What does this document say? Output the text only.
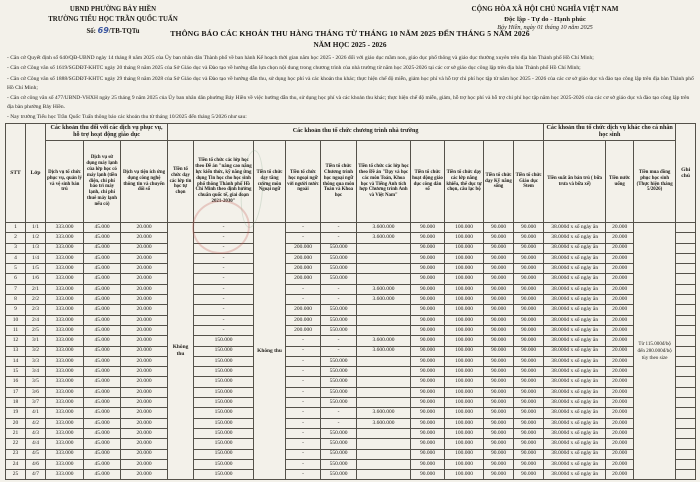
UBND PHƯỜNG BẢY HIỀN
TRƯỜNG TIỂU HỌC TRẦN QUỐC TUẤN
Số: 69/TB-TQTu
CỘNG HÒA XÃ HỘI CHỦ NGHĨA VIỆT NAM
Độc lập - Tự do - Hạnh phúc
Bảy Hiền, ngày 01 tháng 10 năm 2025
THÔNG BÁO CÁC KHOẢN THU HÀNG THÁNG TỪ THÁNG 10 NĂM 2025 ĐẾN THÁNG 5 NĂM 2026
NĂM HỌC 2025 - 2026

- Căn cứ Quyết định số 640/QĐ-UBND ngày 14 tháng 8 năm 2025 của Ủy ban nhân dân Thành phố về ban hành Kế hoạch thời gian năm học 2025 - 2026 đối với giáo dục mầm non, giáo dục phổ thông và giáo dục thường xuyên trên địa bàn Thành phố Hồ Chí Minh;

- Căn cứ Công văn số 1619/SGDĐT-KHTC ngày 20 tháng 8 năm 2025 của Sở Giáo dục và Đào tạo về hướng dẫn lựa chọn nội dung trong chương trình của nhà trường từ năm học 2025-2026 tại các cơ sở giáo dục công lập trên địa bàn Thành phố Hồ Chí Minh;

- Căn cứ Công văn số 1888/SGDĐT-KHTC ngày 29 tháng 8 năm 2028 của Sở Giáo dục và Đào tạo về hướng dẫn thu, sử dụng học phí và các khoản thu khác; thực hiện chế độ miễn, giảm học phí và hỗ trợ chi phí học tập từ năm học 2025 - 2026 của các cơ sở giáo dục và đào tạo công lập trên địa bàn Thành phố Hồ Chí Minh;

- Căn cứ công văn số 477/UBND-VHXH ngày 25 tháng 9 năm 2025 của Ủy ban nhân dân phường Bảy Hiền về việc hướng dẫn thu, sử dụng học phí và các khoản thu khác; thực hiện chế độ miễn, giảm, hỗ trợ học phí và hỗ trợ chi phí học tập năm học 2025-2026 của các cơ sở giáo dục và đào tạo công lập trên địa bàn phường Bảy Hiền.

- Nay trường Tiểu học Trần Quốc Tuấn thông báo các khoản thu từ tháng 10/2025 đến tháng 5/2026 như sau:

STT	Lớp	Các khoản thu đối với các dịch vụ phục vụ, hỗ trợ hoạt động giáo dục			Các khoản thu tổ chức chương trình nhà trường										Các khoản thu tổ chức dịch vụ khác cho cá nhân học sinh			Ghi chú
		Dịch vụ tổ chức phục vụ, quản lý và vệ sinh bán trú	Dịch vụ sử dụng máy lạnh của lớp học có máy lạnh (tiền điện, chi phí bảo trì máy lạnh, chi phí thuê máy lạnh nếu có)	Dịch vụ tiện ích ứng dụng công nghệ thông tin và chuyển đổi số	Tiền tổ chức dạy các lớp tin học tự chọn	Tiền tổ chức các lớp học theo Đề án "nâng cao năng lực kiến thức, kỹ năng ứng dụng Tin học cho học sinh phổ thông Thành phố Hồ Chí Minh theo định hướng chuẩn quốc tế, giai đoạn 2021-2030"	Tiền tổ chức dạy tăng cường môn Ngoại ngữ	Tiền tổ chức học ngoại ngữ với người nước ngoài	Tiền tổ chức Chương trình học ngoại ngữ thông qua môn Toán và Khoa học	Tiền tổ chức các lớp học theo Đề án "Dạy và học các môn Toán, Khoa học và Tiếng Anh tích hợp Chương trình Anh và Việt Nam"	Tiền tổ chức hoạt động giáo dục công dân số	Tiền tổ chức dạy các lớp năng khiếu, thể dục tự chọn, câu lạc bộ	Tiền tổ chức dạy Kỹ năng sống	Tiền tổ chức Giáo dục Stem	Tiền suất ăn bán trú ( bữa trưa và bữa xế)	Tiền nước uống	Tiền mua đồng phục học sinh (Thực hiện tháng 5/2026)	
1	1/1	333.000	45.000	20.000	Không thu	-	Không thu	-	-	3.600.000	90.000	100.000	90.000	90.000	38.000đ x số ngày ăn	20.000	Từ 115.000đ/bộ đến 280.000đ/bộ tùy theo size	
2	1/2	333.000	45.000	20.000		-		-	-	3.600.000	90.000	100.000	90.000	90.000	38.000đ x số ngày ăn	20.000		
3	1/3	333.000	45.000	20.000		-		200.000	550.000		90.000	100.000	90.000	90.000	38.000đ x số ngày ăn	20.000		
4	1/4	333.000	45.000	20.000		-		200.000	550.000		90.000	100.000	90.000	90.000	38.000đ x số ngày ăn	20.000		
5	1/5	333.000	45.000	20.000		-		200.000	550.000		90.000	100.000	90.000	90.000	38.000đ x số ngày ăn	20.000		
6	1/6	333.000	45.000	20.000		-		200.000	550.000		90.000	100.000	90.000	90.000	38.000đ x số ngày ăn	20.000		
7	2/1	333.000	45.000	20.000		-		-	-	3.600.000	90.000	100.000	90.000	90.000	38.000đ x số ngày ăn	20.000		
8	2/2	333.000	45.000	20.000		-		-	-	3.600.000	90.000	100.000	90.000	90.000	38.000đ x số ngày ăn	20.000		
9	2/3	333.000	45.000	20.000		-		200.000	550.000		90.000	100.000	90.000	90.000	38.000đ x số ngày ăn	20.000		
10	2/4	333.000	45.000	20.000		-		200.000	550.000		90.000	100.000	90.000	90.000	38.000đ x số ngày ăn	20.000		
11	2/5	333.000	45.000	20.000		-		200.000	550.000		90.000	100.000	90.000	90.000	38.000đ x số ngày ăn	20.000		
12	3/1	333.000	45.000	20.000		150.000		-	-	3.600.000	90.000	100.000	90.000	90.000	38.000đ x số ngày ăn	20.000		
13	3/2	333.000	45.000	20.000		150.000		-	-	3.600.000	90.000	100.000	90.000	90.000	38.000đ x số ngày ăn	20.000		
14	3/3	333.000	45.000	20.000		150.000		-	550.000		90.000	100.000	90.000	90.000	38.000đ x số ngày ăn	20.000		
15	3/4	333.000	45.000	20.000		150.000		-	550.000		90.000	100.000	90.000	90.000	38.000đ x số ngày ăn	20.000		
16	3/5	333.000	45.000	20.000		150.000		-	550.000		90.000	100.000	90.000	90.000	38.000đ x số ngày ăn	20.000		
17	3/6	333.000	45.000	20.000		150.000		-	550.000		90.000	100.000	90.000	90.000	38.000đ x số ngày ăn	20.000		
18	3/7	333.000	45.000	20.000		150.000		-	550.000		90.000	100.000	90.000	90.000	38.000đ x số ngày ăn	20.000		
19	4/1	333.000	45.000	20.000		150.000		-	-	3.600.000	90.000	100.000	90.000	90.000	38.000đ x số ngày ăn	20.000		
20	4/2	333.000	45.000	20.000		150.000		-	-	3.600.000	90.000	100.000	90.000	90.000	38.000đ x số ngày ăn	20.000		
21	4/3	333.000	45.000	20.000		150.000		-	550.000		90.000	100.000	90.000	90.000	38.000đ x số ngày ăn	20.000		
22	4/4	333.000	45.000	20.000		150.000		-	550.000		90.000	100.000	90.000	90.000	38.000đ x số ngày ăn	20.000		
23	4/5	333.000	45.000	20.000		150.000		-	550.000		90.000	100.000	90.000	90.000	38.000đ x số ngày ăn	20.000		
24	4/6	333.000	45.000	20.000		150.000		-	550.000		90.000	100.000	90.000	90.000	38.000đ x số ngày ăn	20.000		
25	4/7	333.000	45.000	20.000		150.000		-	550.000		90.000	100.000	90.000	90.000	38.000đ x số ngày ăn	20.000		
